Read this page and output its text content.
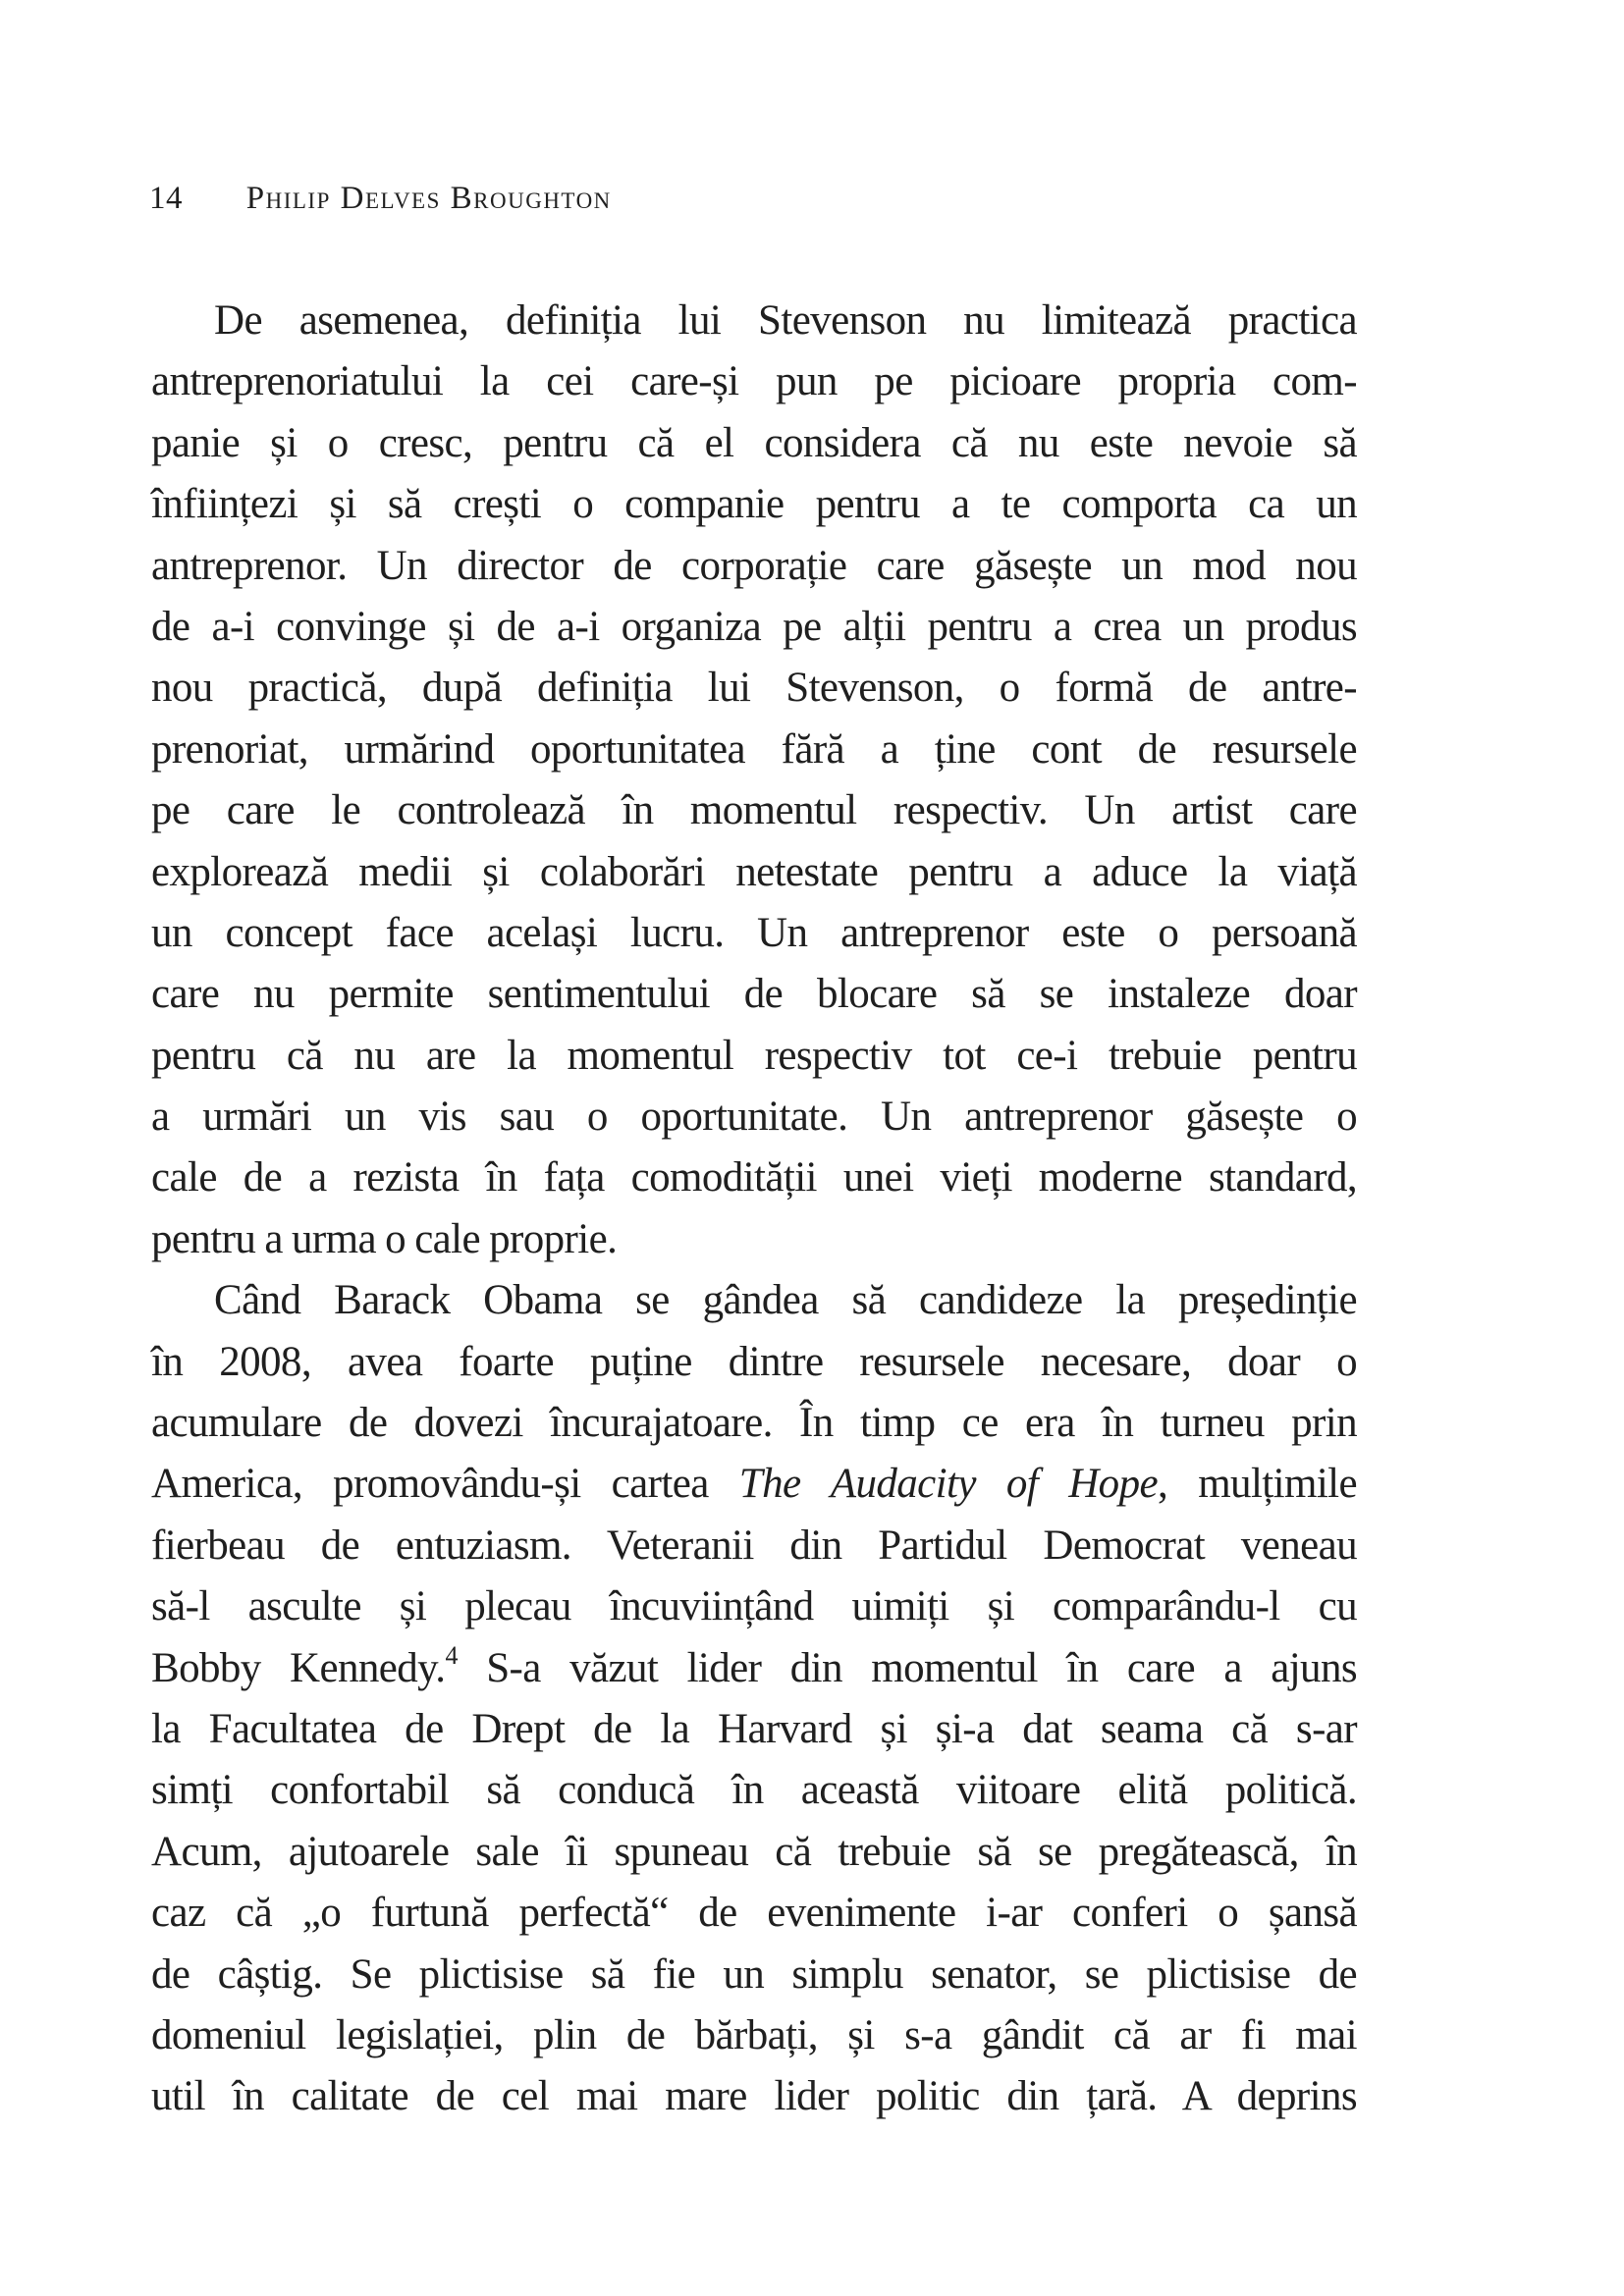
14 Philip Delves Broughton
De asemenea, definiția lui Stevenson nu limitează practica
antreprenoriatului la cei care-și pun pe picioare propria com-
panie și o cresc, pentru că el considera că nu este nevoie să
înființezi și să crești o companie pentru a te comporta ca un
antreprenor. Un director de corporație care găsește un mod nou
de a-i convinge și de a-i organiza pe alții pentru a crea un produs
nou practică, după definiția lui Stevenson, o formă de antre-
prenoriat, urmărind oportunitatea fără a ține cont de resursele
pe care le controlează în momentul respectiv. Un artist care
explorează medii și colaborări netestate pentru a aduce la viață
un concept face același lucru. Un antreprenor este o persoană
care nu permite sentimentului de blocare să se instaleze doar
pentru că nu are la momentul respectiv tot ce-i trebuie pentru
a urmări un vis sau o oportunitate. Un antreprenor găsește o
cale de a rezista în fața comodității unei vieți moderne standard,
pentru a urma o cale proprie.
Când Barack Obama se gândea să candideze la președinție
în 2008, avea foarte puține dintre resursele necesare, doar o
acumulare de dovezi încurajatoare. În timp ce era în turneu prin
America, promovându-și cartea The Audacity of Hope, mulțimile
fierbeau de entuziasm. Veteranii din Partidul Democrat veneau
să-l asculte și plecau încuviințând uimiți și comparându-l cu
Bobby Kennedy.$^4$ S-a văzut lider din momentul în care a ajuns
la Facultatea de Drept de la Harvard și și-a dat seama că s-ar
simți confortabil să conducă în această viitoare elită politică.
Acum, ajutoarele sale îi spuneau că trebuie să se pregătească, în
caz că „o furtună perfectă“ de evenimente i-ar conferi o șansă
de câștig. Se plictisise să fie un simplu senator, se plictisise de
domeniul legislației, plin de bărbați, și s-a gândit că ar fi mai
util în calitate de cel mai mare lider politic din țară. A deprins
